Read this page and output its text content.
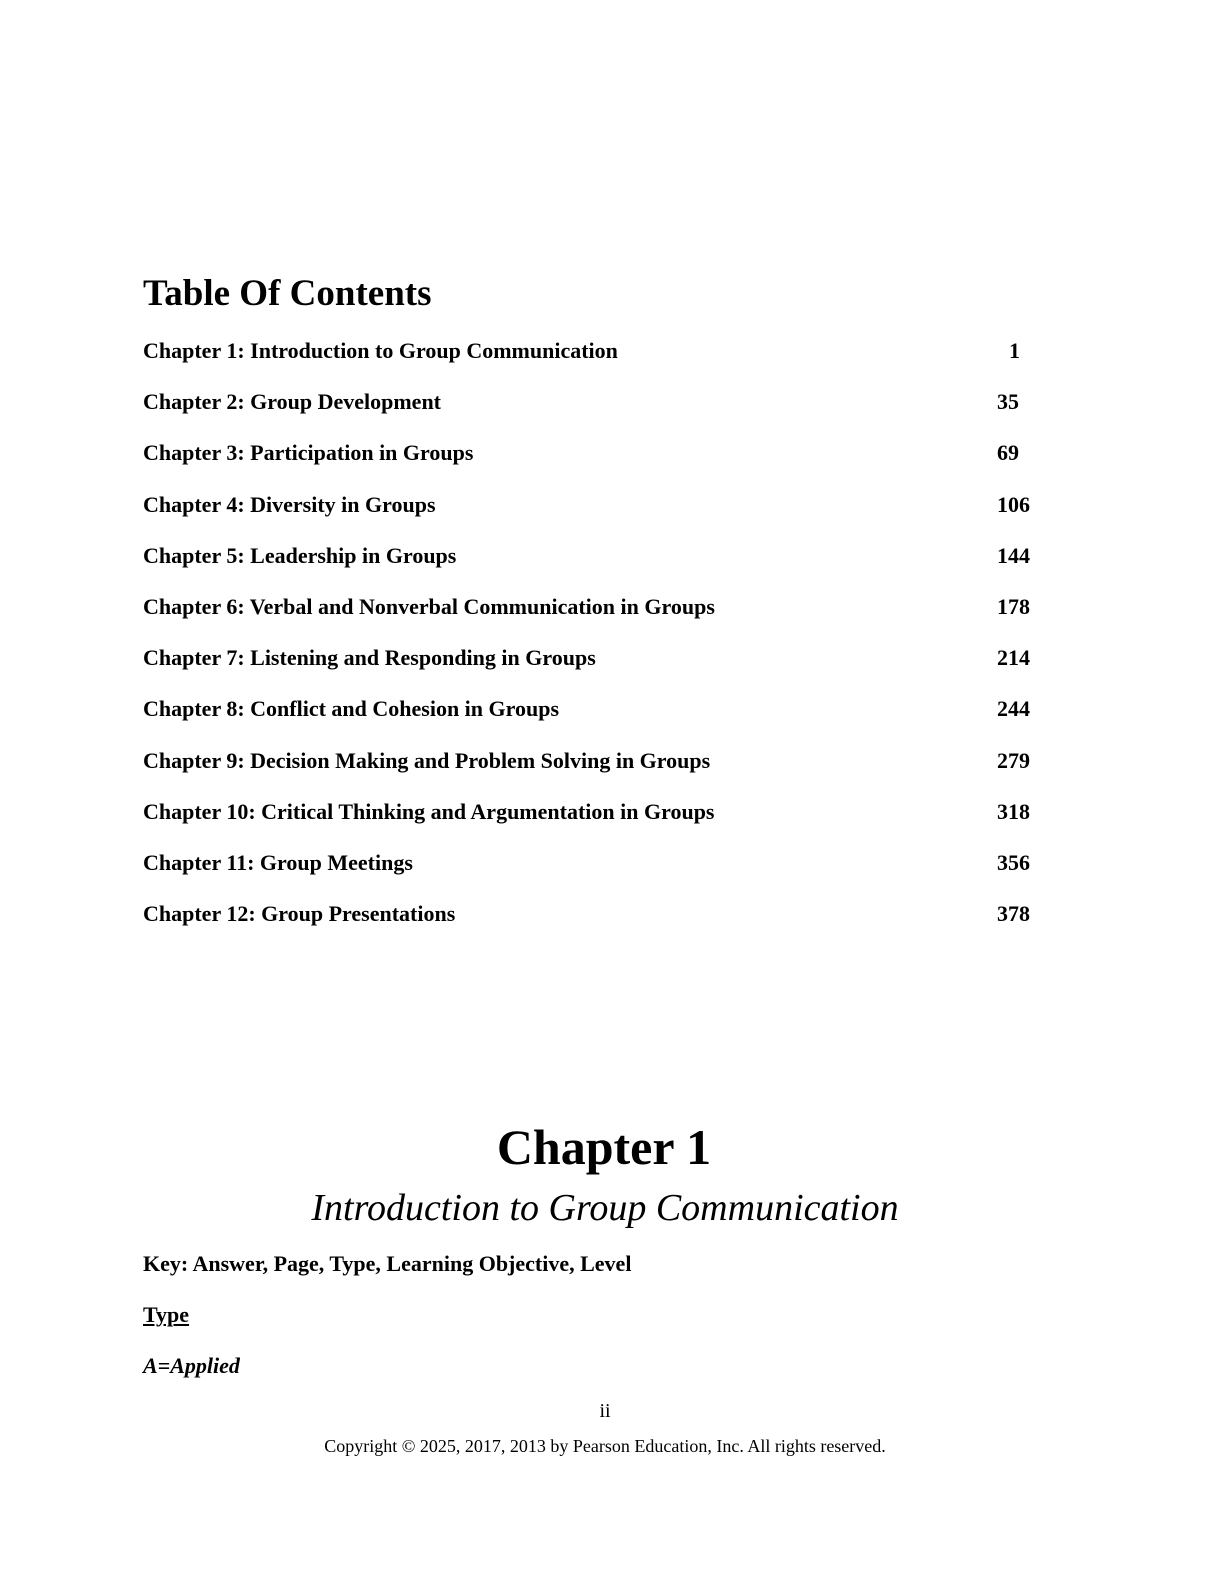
Table Of Contents
Chapter 1: Introduction to Group Communication	1
Chapter 2: Group Development	35
Chapter 3: Participation in Groups	69
Chapter 4: Diversity in Groups	106
Chapter 5: Leadership in Groups	144
Chapter 6: Verbal and Nonverbal Communication in Groups	178
Chapter 7: Listening and Responding in Groups	214
Chapter 8: Conflict and Cohesion in Groups	244
Chapter 9: Decision Making and Problem Solving in Groups	279
Chapter 10: Critical Thinking and Argumentation in Groups	318
Chapter 11: Group Meetings	356
Chapter 12: Group Presentations	378
Chapter 1
Introduction to Group Communication

Key: Answer, Page, Type, Learning Objective, Level

Type

A=Applied

ii

Copyright © 2025, 2017, 2013 by Pearson Education, Inc. All rights reserved.
